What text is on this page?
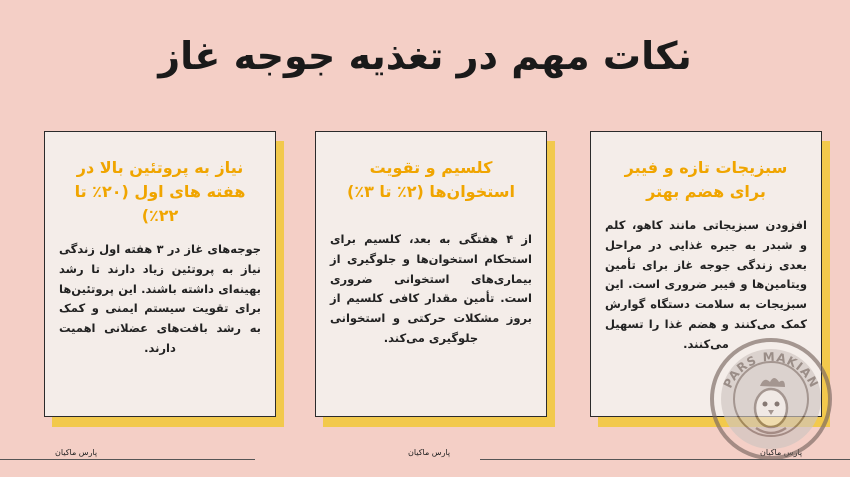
نکات مهم در تغذیه جوجه غاز
نیاز به پروتئین بالا در هفته های اول (۲۰٪ تا ۲۲٪)

جوجه‌های غاز در ۳ هفته اول زندگی نیاز به پروتئین زیاد دارند تا رشد بهینه‌ای داشته باشند. این پروتئین‌ها برای تقویت سیستم ایمنی و کمک به رشد بافت‌های عضلانی اهمیت دارند.

کلسیم و تقویت استخوان‌ها (۲٪ تا ۳٪)

از ۴ هفتگی به بعد، کلسیم برای استحکام استخوان‌ها و جلوگیری از بیماری‌های استخوانی ضروری است. تأمین مقدار کافی کلسیم از بروز مشکلات حرکتی و استخوانی جلوگیری می‌کند.

سبزیجات تازه و فیبر برای هضم بهتر

افزودن سبزیجاتی مانند کاهو، کلم و شبدر به جیره غذایی در مراحل بعدی زندگی جوجه غاز برای تأمین ویتامین‌ها و فیبر ضروری است. این سبزیجات به سلامت دستگاه گوارش کمک می‌کنند و هضم غذا را تسهیل می‌کنند.

پارس ماکیان	پارس ماکیان	پارس ماکیان
PARS MAKIAN
